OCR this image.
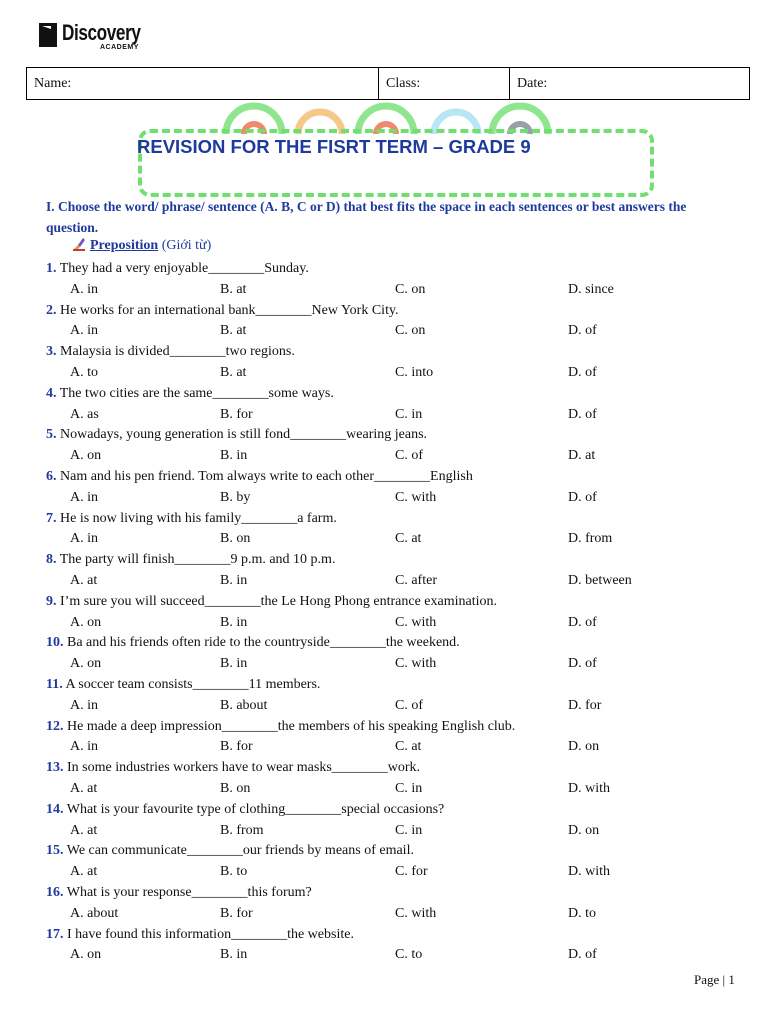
Discovery
ACADEMY
Name:	Class:	Date:
REVISION FOR THE FISRT TERM – GRADE 9
I. Choose the word/ phrase/ sentence (A. B, C or D) that best fits the space in each sentences or best answers the question.
Preposition (Giới từ)
1. They had a very enjoyable________Sunday.
A. in	B. at	C. on	D. since
2. He works for an international bank________New York City.
A. in	B. at	C. on	D. of
3. Malaysia is divided________two regions.
A. to	B. at	C. into	D. of
4. The two cities are the same________some ways.
A. as	B. for	C. in	D. of
5. Nowadays, young generation is still fond________wearing jeans.
A. on	B. in	C. of	D. at
6. Nam and his pen friend. Tom always write to each other________English
A. in	B. by	C. with	D. of
7. He is now living with his family________a farm.
A. in	B. on	C. at	D. from
8. The party will finish________9 p.m. and 10 p.m.
A. at	B. in	C. after	D. between
9. I’m sure you will succeed________the Le Hong Phong entrance examination.
A. on	B. in	C. with	D. of
10. Ba and his friends often ride to the countryside________the weekend.
A. on	B. in	C. with	D. of
11. A soccer team consists________11 members.
A. in	B. about	C. of	D. for
12. He made a deep impression________the members of his speaking English club.
A. in	B. for	C. at	D. on
13. In some industries workers have to wear masks________work.
A. at	B. on	C. in	D. with
14. What is your favourite type of clothing________special occasions?
A. at	B. from	C. in	D. on
15. We can communicate________our friends by means of email.
A. at	B. to	C. for	D. with
16. What is your response________this forum?
A. about	B. for	C. with	D. to
17. I have found this information________the website.
A. on	B. in	C. to	D. of
Page | 1
